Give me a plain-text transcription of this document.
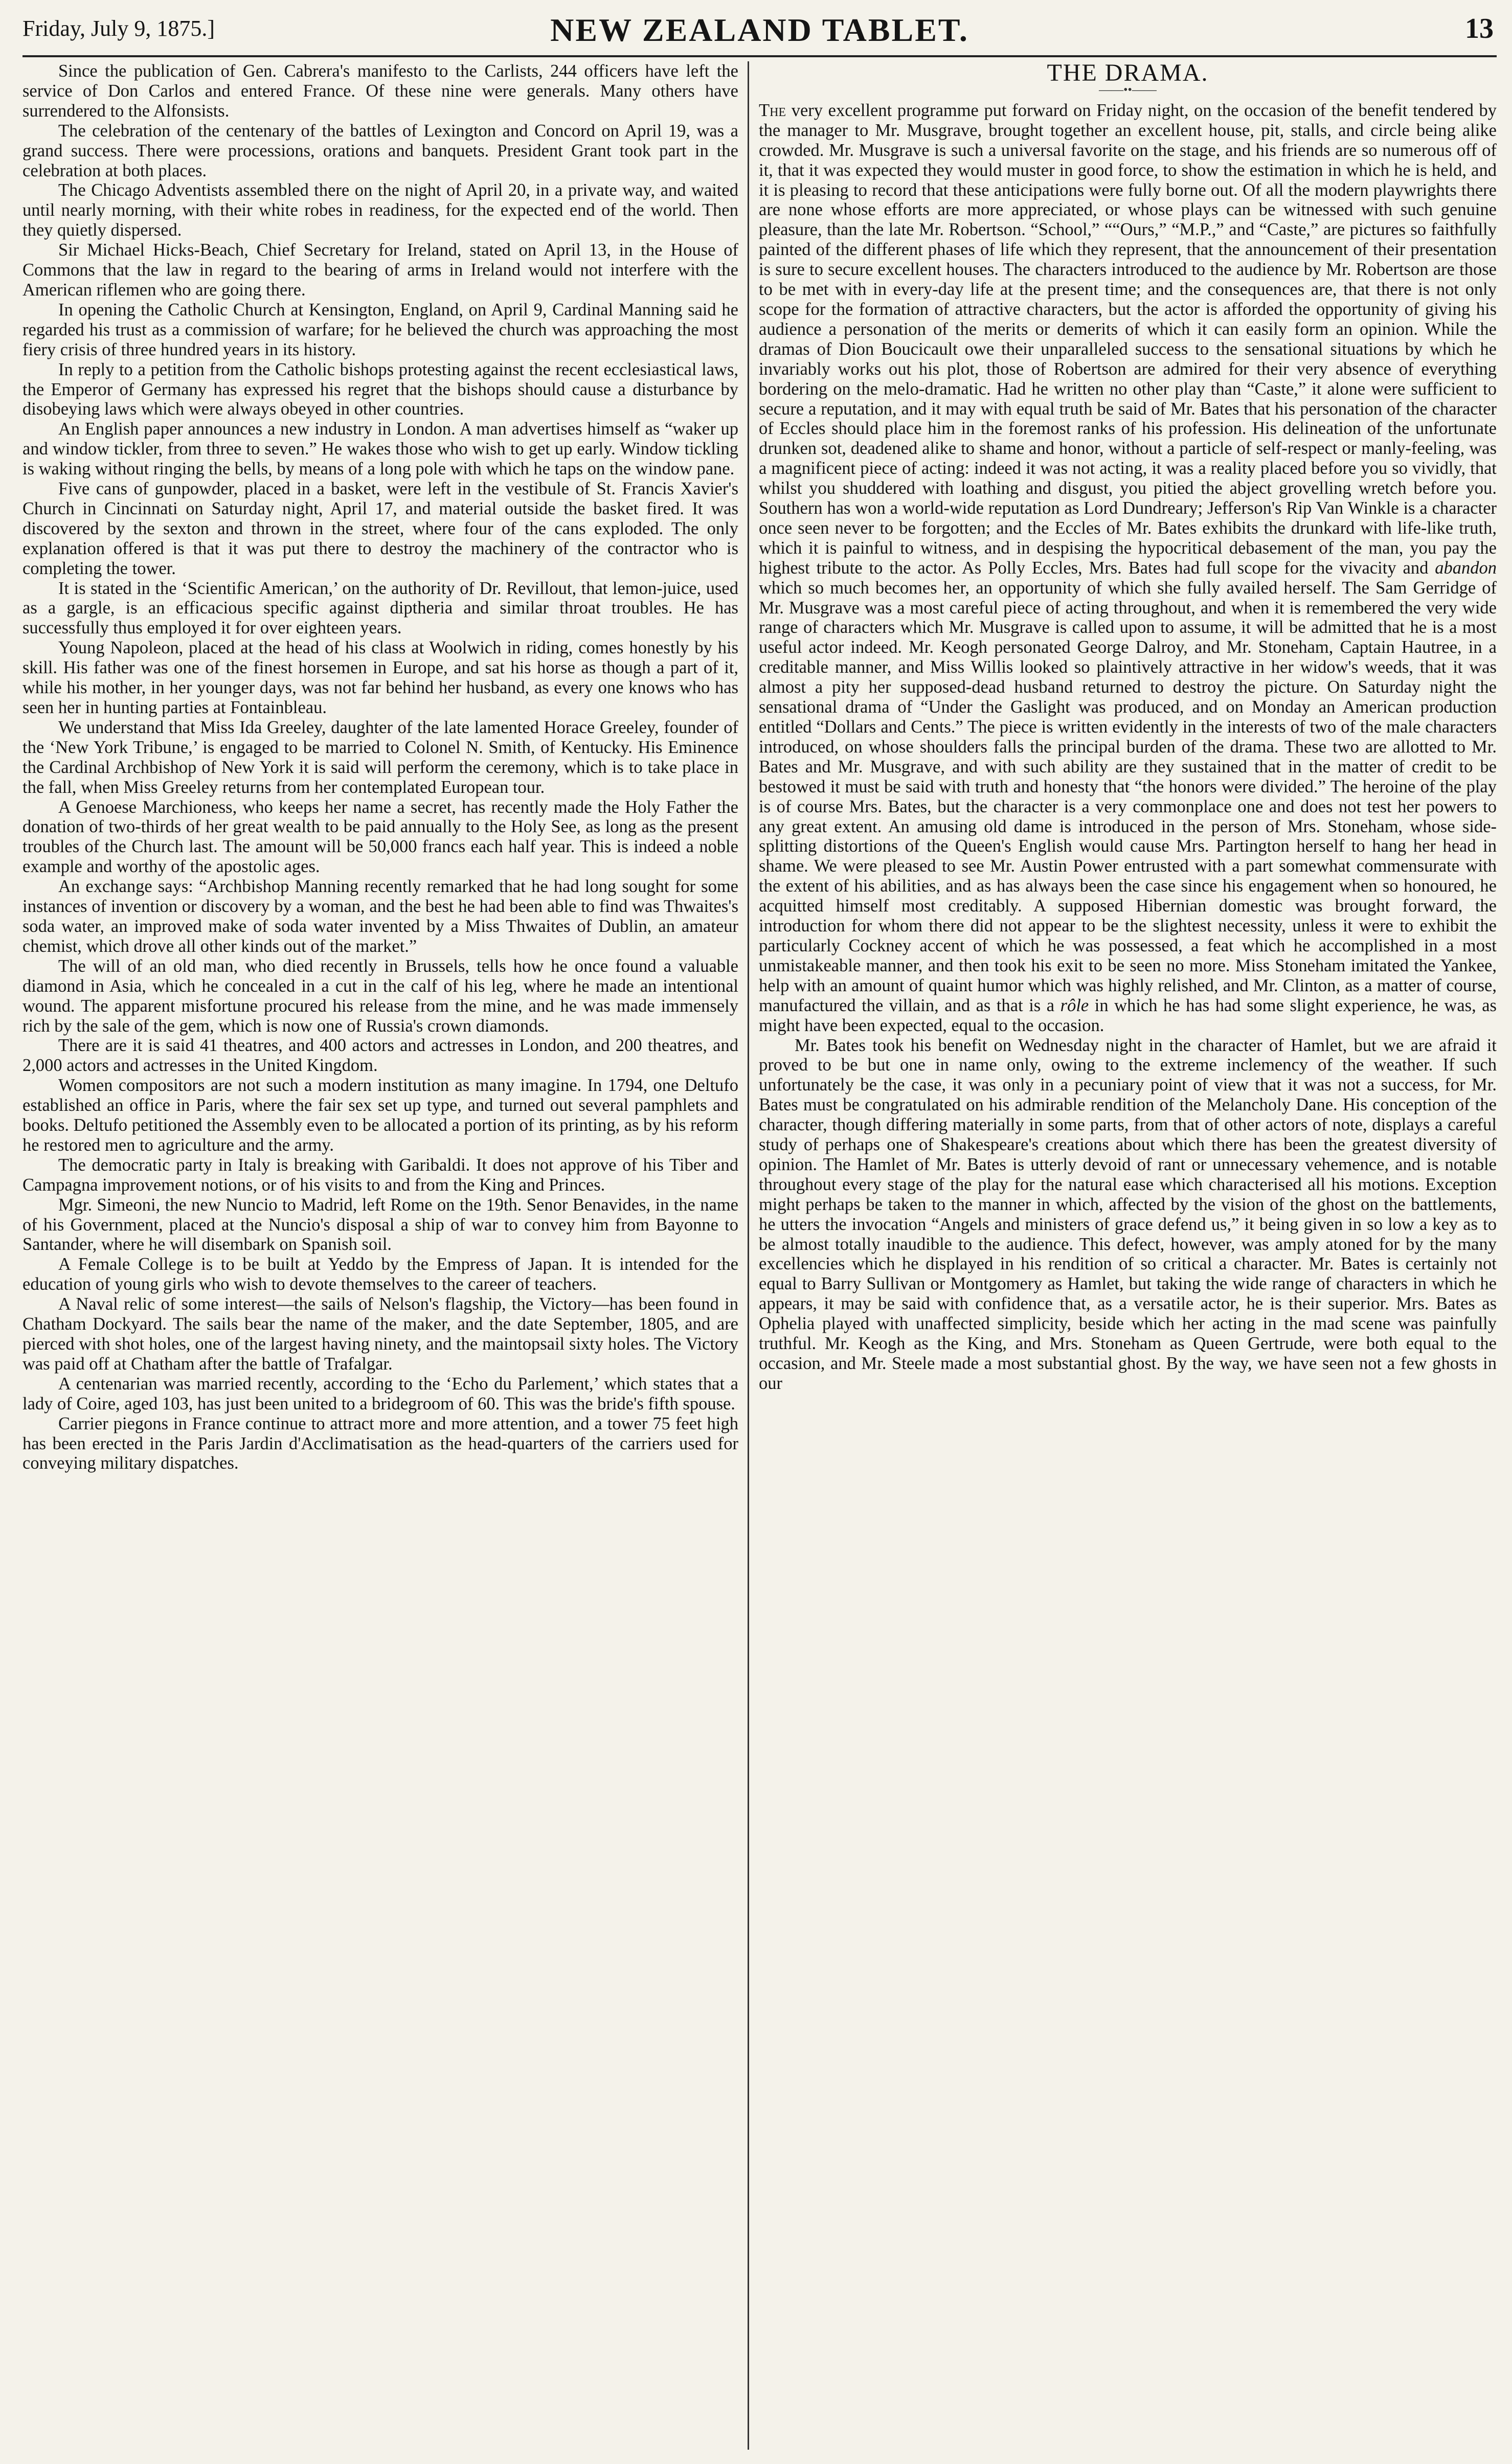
Friday, July 9, 1875.]	NEW ZEALAND TABLET.	13

Since the publication of Gen. Cabrera's manifesto to the Carlists, 244 officers have left the service of Don Carlos and entered France. Of these nine were generals. Many others have surrendered to the Alfonsists.

The celebration of the centenary of the battles of Lexington and Concord on April 19, was a grand success. There were processions, orations and banquets. President Grant took part in the celebration at both places.

The Chicago Adventists assembled there on the night of April 20, in a private way, and waited until nearly morning, with their white robes in readiness, for the expected end of the world. Then they quietly dispersed.

Sir Michael Hicks-Beach, Chief Secretary for Ireland, stated on April 13, in the House of Commons that the law in regard to the bearing of arms in Ireland would not interfere with the American riflemen who are going there.

In opening the Catholic Church at Kensington, England, on April 9, Cardinal Manning said he regarded his trust as a commission of warfare; for he believed the church was approaching the most fiery crisis of three hundred years in its history.

In reply to a petition from the Catholic bishops protesting against the recent ecclesiastical laws, the Emperor of Germany has expressed his regret that the bishops should cause a disturbance by disobeying laws which were always obeyed in other countries.

An English paper announces a new industry in London. A man advertises himself as “waker up and window tickler, from three to seven.” He wakes those who wish to get up early. Window tickling is waking without ringing the bells, by means of a long pole with which he taps on the window pane.

Five cans of gunpowder, placed in a basket, were left in the vestibule of St. Francis Xavier's Church in Cincinnati on Saturday night, April 17, and material outside the basket fired. It was discovered by the sexton and thrown in the street, where four of the cans exploded. The only explanation offered is that it was put there to destroy the machinery of the contractor who is completing the tower.

It is stated in the ‘Scientific American,’ on the authority of Dr. Revillout, that lemon-juice, used as a gargle, is an efficacious specific against diptheria and similar throat troubles. He has successfully thus employed it for over eighteen years.

Young Napoleon, placed at the head of his class at Woolwich in riding, comes honestly by his skill. His father was one of the finest horsemen in Europe, and sat his horse as though a part of it, while his mother, in her younger days, was not far behind her husband, as every one knows who has seen her in hunting parties at Fontainbleau.

We understand that Miss Ida Greeley, daughter of the late lamented Horace Greeley, founder of the ‘New York Tribune,’ is engaged to be married to Colonel N. Smith, of Kentucky. His Eminence the Cardinal Archbishop of New York it is said will perform the ceremony, which is to take place in the fall, when Miss Greeley returns from her contemplated European tour.

A Genoese Marchioness, who keeps her name a secret, has recently made the Holy Father the donation of two-thirds of her great wealth to be paid annually to the Holy See, as long as the present troubles of the Church last. The amount will be 50,000 francs each half year. This is indeed a noble example and worthy of the apostolic ages.

An exchange says: “Archbishop Manning recently remarked that he had long sought for some instances of invention or discovery by a woman, and the best he had been able to find was Thwaites's soda water, an improved make of soda water invented by a Miss Thwaites of Dublin, an amateur chemist, which drove all other kinds out of the market.”

The will of an old man, who died recently in Brussels, tells how he once found a valuable diamond in Asia, which he concealed in a cut in the calf of his leg, where he made an intentional wound. The apparent misfortune procured his release from the mine, and he was made immensely rich by the sale of the gem, which is now one of Russia's crown diamonds.

There are it is said 41 theatres, and 400 actors and actresses in London, and 200 theatres, and 2,000 actors and actresses in the United Kingdom.

Women compositors are not such a modern institution as many imagine. In 1794, one Deltufo established an office in Paris, where the fair sex set up type, and turned out several pamphlets and books. Deltufo petitioned the Assembly even to be allocated a portion of its printing, as by his reform he restored men to agriculture and the army.

The democratic party in Italy is breaking with Garibaldi. It does not approve of his Tiber and Campagna improvement notions, or of his visits to and from the King and Princes.

Mgr. Simeoni, the new Nuncio to Madrid, left Rome on the 19th. Senor Benavides, in the name of his Government, placed at the Nuncio's disposal a ship of war to convey him from Bayonne to Santander, where he will disembark on Spanish soil.

A Female College is to be built at Yeddo by the Empress of Japan. It is intended for the education of young girls who wish to devote themselves to the career of teachers.

A Naval relic of some interest—the sails of Nelson's flagship, the Victory—has been found in Chatham Dockyard. The sails bear the name of the maker, and the date September, 1805, and are pierced with shot holes, one of the largest having ninety, and the maintopsail sixty holes. The Victory was paid off at Chatham after the battle of Trafalgar.

A centenarian was married recently, according to the ‘Echo du Parlement,’ which states that a lady of Coire, aged 103, has just been united to a bridegroom of 60. This was the bride's fifth spouse.

Carrier piegons in France continue to attract more and more attention, and a tower 75 feet high has been erected in the Paris Jardin d'Acclimatisation as the head-quarters of the carriers used for conveying military dispatches.

THE DRAMA.
——••——

The very excellent programme put forward on Friday night, on the occasion of the benefit tendered by the manager to Mr. Musgrave, brought together an excellent house, pit, stalls, and circle being alike crowded. Mr. Musgrave is such a universal favorite on the stage, and his friends are so numerous off of it, that it was expected they would muster in good force, to show the estimation in which he is held, and it is pleasing to record that these anticipations were fully borne out. Of all the modern playwrights there are none whose efforts are more appreciated, or whose plays can be witnessed with such genuine pleasure, than the late Mr. Robertson. “School,” ““Ours,” “M.P.,” and “Caste,” are pictures so faithfully painted of the different phases of life which they represent, that the announcement of their presentation is sure to secure excellent houses. The characters introduced to the audience by Mr. Robertson are those to be met with in every-day life at the present time; and the consequences are, that there is not only scope for the formation of attractive characters, but the actor is afforded the opportunity of giving his audience a personation of the merits or demerits of which it can easily form an opinion. While the dramas of Dion Boucicault owe their unparalleled success to the sensational situations by which he invariably works out his plot, those of Robertson are admired for their very absence of everything bordering on the melo-dramatic. Had he written no other play than “Caste,” it alone were sufficient to secure a reputation, and it may with equal truth be said of Mr. Bates that his personation of the character of Eccles should place him in the foremost ranks of his profession. His delineation of the unfortunate drunken sot, deadened alike to shame and honor, without a particle of self-respect or manly-feeling, was a magnificent piece of acting: indeed it was not acting, it was a reality placed before you so vividly, that whilst you shuddered with loathing and disgust, you pitied the abject grovelling wretch before you. Southern has won a world-wide reputation as Lord Dundreary; Jefferson's Rip Van Winkle is a character once seen never to be forgotten; and the Eccles of Mr. Bates exhibits the drunkard with life-like truth, which it is painful to witness, and in despising the hypocritical debasement of the man, you pay the highest tribute to the actor. As Polly Eccles, Mrs. Bates had full scope for the vivacity and abandon which so much becomes her, an opportunity of which she fully availed herself. The Sam Gerridge of Mr. Musgrave was a most careful piece of acting throughout, and when it is remembered the very wide range of characters which Mr. Musgrave is called upon to assume, it will be admitted that he is a most useful actor indeed. Mr. Keogh personated George Dalroy, and Mr. Stoneham, Captain Hautree, in a creditable manner, and Miss Willis looked so plaintively attractive in her widow's weeds, that it was almost a pity her supposed-dead husband returned to destroy the picture. On Saturday night the sensational drama of “Under the Gaslight was produced, and on Monday an American production entitled “Dollars and Cents.” The piece is written evidently in the interests of two of the male characters introduced, on whose shoulders falls the principal burden of the drama. These two are allotted to Mr. Bates and Mr. Musgrave, and with such ability are they sustained that in the matter of credit to be bestowed it must be said with truth and honesty that “the honors were divided.” The heroine of the play is of course Mrs. Bates, but the character is a very commonplace one and does not test her powers to any great extent. An amusing old dame is introduced in the person of Mrs. Stoneham, whose side-splitting distortions of the Queen's English would cause Mrs. Partington herself to hang her head in shame. We were pleased to see Mr. Austin Power entrusted with a part somewhat commensurate with the extent of his abilities, and as has always been the case since his engagement when so honoured, he acquitted himself most creditably. A supposed Hibernian domestic was brought forward, the introduction for whom there did not appear to be the slightest necessity, unless it were to exhibit the particularly Cockney accent of which he was possessed, a feat which he accomplished in a most unmistakeable manner, and then took his exit to be seen no more. Miss Stoneham imitated the Yankee, help with an amount of quaint humor which was highly relished, and Mr. Clinton, as a matter of course, manufactured the villain, and as that is a rôle in which he has had some slight experience, he was, as might have been expected, equal to the occasion.

Mr. Bates took his benefit on Wednesday night in the character of Hamlet, but we are afraid it proved to be but one in name only, owing to the extreme inclemency of the weather. If such unfortunately be the case, it was only in a pecuniary point of view that it was not a success, for Mr. Bates must be congratulated on his admirable rendition of the Melancholy Dane. His conception of the character, though differing materially in some parts, from that of other actors of note, displays a careful study of perhaps one of Shakespeare's creations about which there has been the greatest diversity of opinion. The Hamlet of Mr. Bates is utterly devoid of rant or unnecessary vehemence, and is notable throughout every stage of the play for the natural ease which characterised all his motions. Exception might perhaps be taken to the manner in which, affected by the vision of the ghost on the battlements, he utters the invocation “Angels and ministers of grace defend us,” it being given in so low a key as to be almost totally inaudible to the audience. This defect, however, was amply atoned for by the many excellencies which he displayed in his rendition of so critical a character. Mr. Bates is certainly not equal to Barry Sullivan or Montgomery as Hamlet, but taking the wide range of characters in which he appears, it may be said with confidence that, as a versatile actor, he is their superior. Mrs. Bates as Ophelia played with unaffected simplicity, beside which her acting in the mad scene was painfully truthful. Mr. Keogh as the King, and Mrs. Stoneham as Queen Gertrude, were both equal to the occasion, and Mr. Steele made a most substantial ghost. By the way, we have seen not a few ghosts in our
